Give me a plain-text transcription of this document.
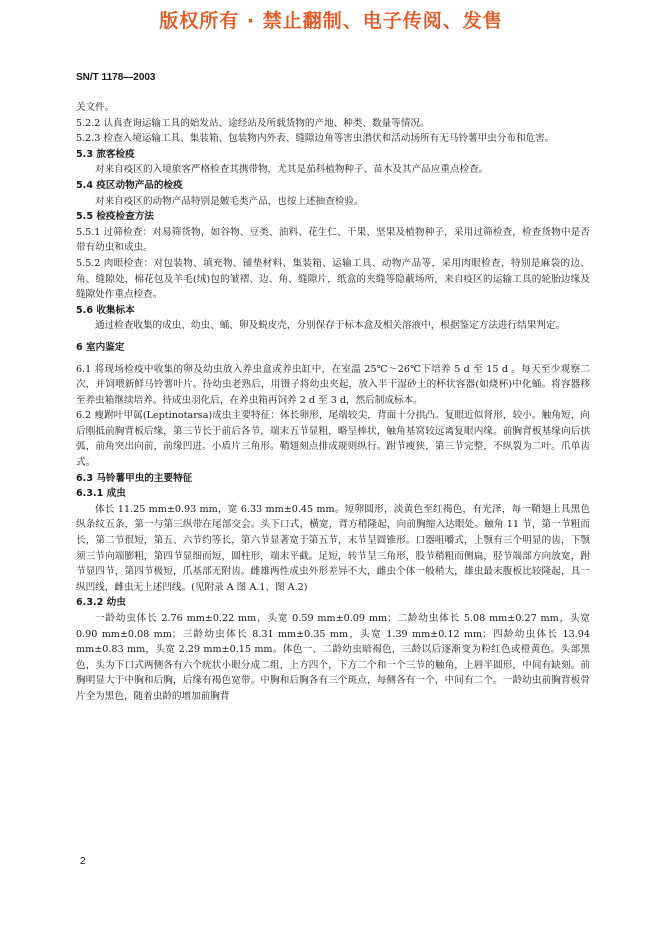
版权所有 · 禁止翻制、电子传阅、发售
SN/T 1178—2003

关文件。

5.2.2 认真查询运输工具的始发站、途经站及所载货物的产地、种类、数量等情况。

5.2.3 检查入境运输工具、集装箱、包装物内外表、缝隙边角等害虫潜伏和活动场所有无马铃薯甲虫分布和危害。

5.3 旅客检疫

对来自疫区的入境旅客严格检查其携带物，尤其是茄科植物种子、苗木及其产品应重点检查。

5.4 疫区动物产品的检疫

对来自疫区的动物产品特别是皴毛类产品，也按上述抽查检验。

5.5 检疫检查方法

5.5.1 过筛检查：对易筛货物，如谷物、豆类、油料、花生仁、干果、坚果及植物种子，采用过筛检查，检查货物中是否带有幼虫和成虫。

5.5.2 肉眼检查：对包装物、填充物、铺垫材料、集装箱、运输工具、动物产品等，采用肉眼检查，特别是麻袋的边、角、缝隙处，棉花包及羊毛(绒)包的皱褶、边、角、缝隙片，纸盒的夹缝等隐蔽场所，来自疫区的运输工具的轮胎边缘及缝隙处作重点检查。

5.6 收集标本

通过检查收集的成虫、幼虫、蛹、卵及蜕皮壳，分别保存于标本盒及相关溶液中，根据鉴定方法进行结果判定。

6 室内鉴定

6.1 将现场检疫中收集的卵及幼虫放入养虫盒或养虫缸中，在室温 25℃～26℃下培养 5 d 至 15 d 。每天至少观察二次，并饲喂新鲜马铃薯叶片。待幼虫老熟后，用镊子将幼虫夹起，放入半干湿砂土的杯状容器(如烧杯)中化蛹。将容器移至养虫箱继续培养。待成虫羽化后，在养虫箱再饲养 2 d 至 3 d，然后制成标本。

6.2 瘦跗叶甲属(Leptinotarsa)成虫主要特征：体长卵形，尾端较尖，背面十分拱凸。复眼近似肾形，较小。触角短，向后刚抵前胸背板后缘，第三节长于前后各节，端末五节显粗，略呈棒状，触角基窝较远离复眼内缘。前胸背板基缘向后拱弧，前角突出向前，前缘凹进。小盾片三角形。鞘翅刻点排成规则纵行。跗节瘦狭，第三节完整，不纵裂为二叶。爪单齿式。

6.3 马铃薯甲虫的主要特征

6.3.1 成虫

体长 11.25 mm±0.93 mm，宽 6.33 mm±0.45 mm。短卵圆形，淡黄色至红褐色，有光泽，每一鞘翅上具黑色纵条纹五条，第一与第三纵带在尾部交会。头下口式，横宽，背方稍隆起，向前胸缩入达眼处。触角 11 节，第一节粗而长，第二节很短，第五、六节约等长，第六节显著宽于第五节，末节呈圆锥形。口器咀嚼式，上颚有三个明显的齿，下颚须三节向端膨粗，第四节显细而短，圆柱形，端末平截。足短，转节呈三角形，股节稍粗而侧扁，胫节端部方向放宽，跗节显四节，第四节极短，爪基部无附齿。雌雄两性成虫外形差异不大，雌虫个体一般稍大，雄虫最末腹板比较隆起，具一纵凹线，雌虫无上述凹线。(见附录 A 图 A.1、图 A.2)

6.3.2 幼虫

一龄幼虫体长 2.76 mm±0.22 mm，头宽 0.59 mm±0.09 mm；二龄幼虫体长 5.08 mm±0.27 mm，头宽 0.90 mm±0.08 mm；三龄幼虫体长 8.31 mm±0.35 mm，头宽 1.39 mm±0.12 mm；四龄幼虫体长 13.94 mm±0.83 mm，头宽 2.29 mm±0.15 mm。体色一、二龄幼虫暗褐色，三龄以后逐渐变为粉红色或橙黄色。头部黑色，头为下口式两侧各有六个疣状小眼分成二组，上方四个，下方二个和一个三节的触角，上唇半圆形，中间有缺刻。前胸明显大于中胸和后胸，后缘有褐色宽带。中胸和后胸各有三个斑点，每侧各有一个，中间有二个。一龄幼虫前胸背板骨片全为黑色，随着虫龄的增加前胸背

2
